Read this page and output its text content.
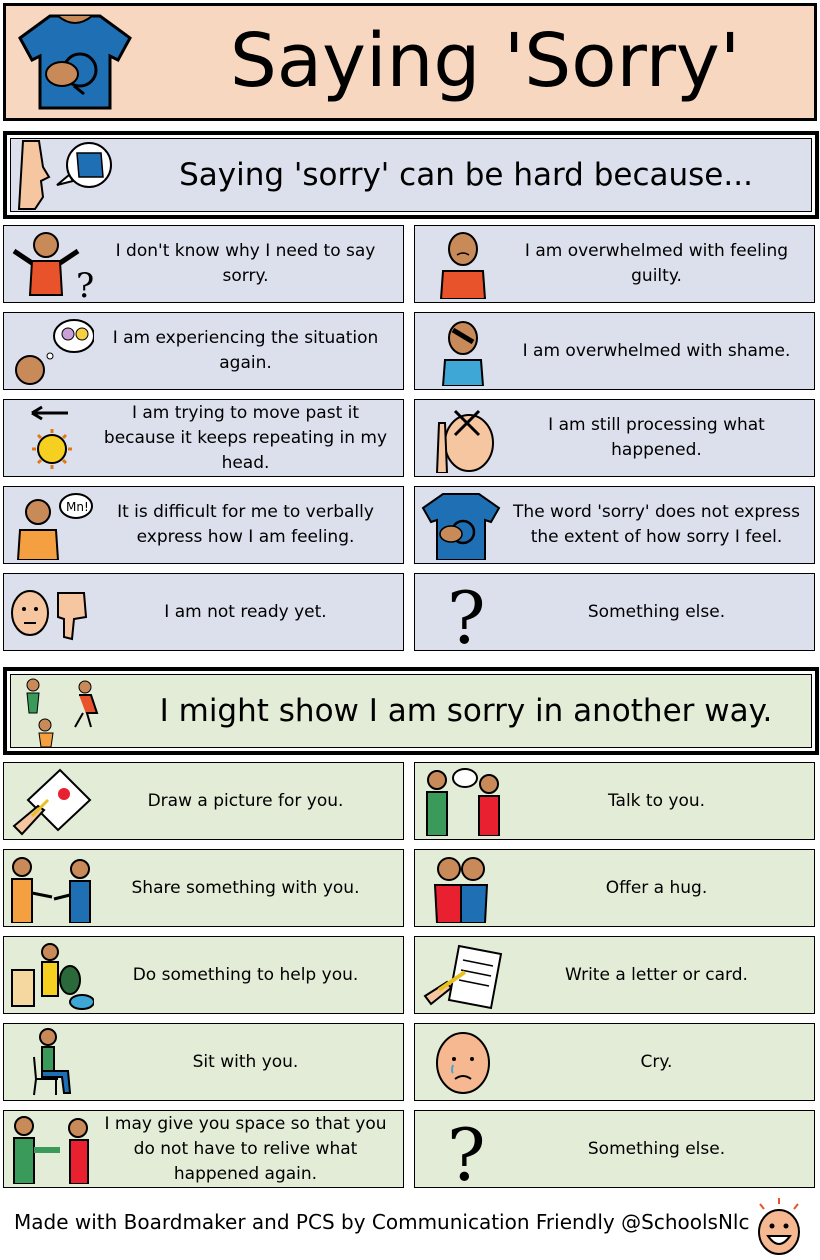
Saying 'Sorry'
Saying 'sorry' can be hard because...
?
I don't know why I need to say sorry.
I am overwhelmed with feeling guilty.
I am experiencing the situation again.
I am overwhelmed with shame.
I am trying to move past it because it keeps repeating in my head.
I am still processing what happened.
Mn!	It is difficult for me to verbally express how I am feeling.
The word 'sorry' does not express the extent of how sorry I feel.
I am not ready yet.	?	Something else.
I might show I am sorry in another way.
Draw a picture for you.	Talk to you.
Share something with you.	Offer a hug.
Do something to help you.	Write a letter or card.
Sit with you.	Cry.
I may give you space so that you do not have to relive what happened again.	?	Something else.
Made with Boardmaker and PCS by Communication Friendly @SchoolsNlc
